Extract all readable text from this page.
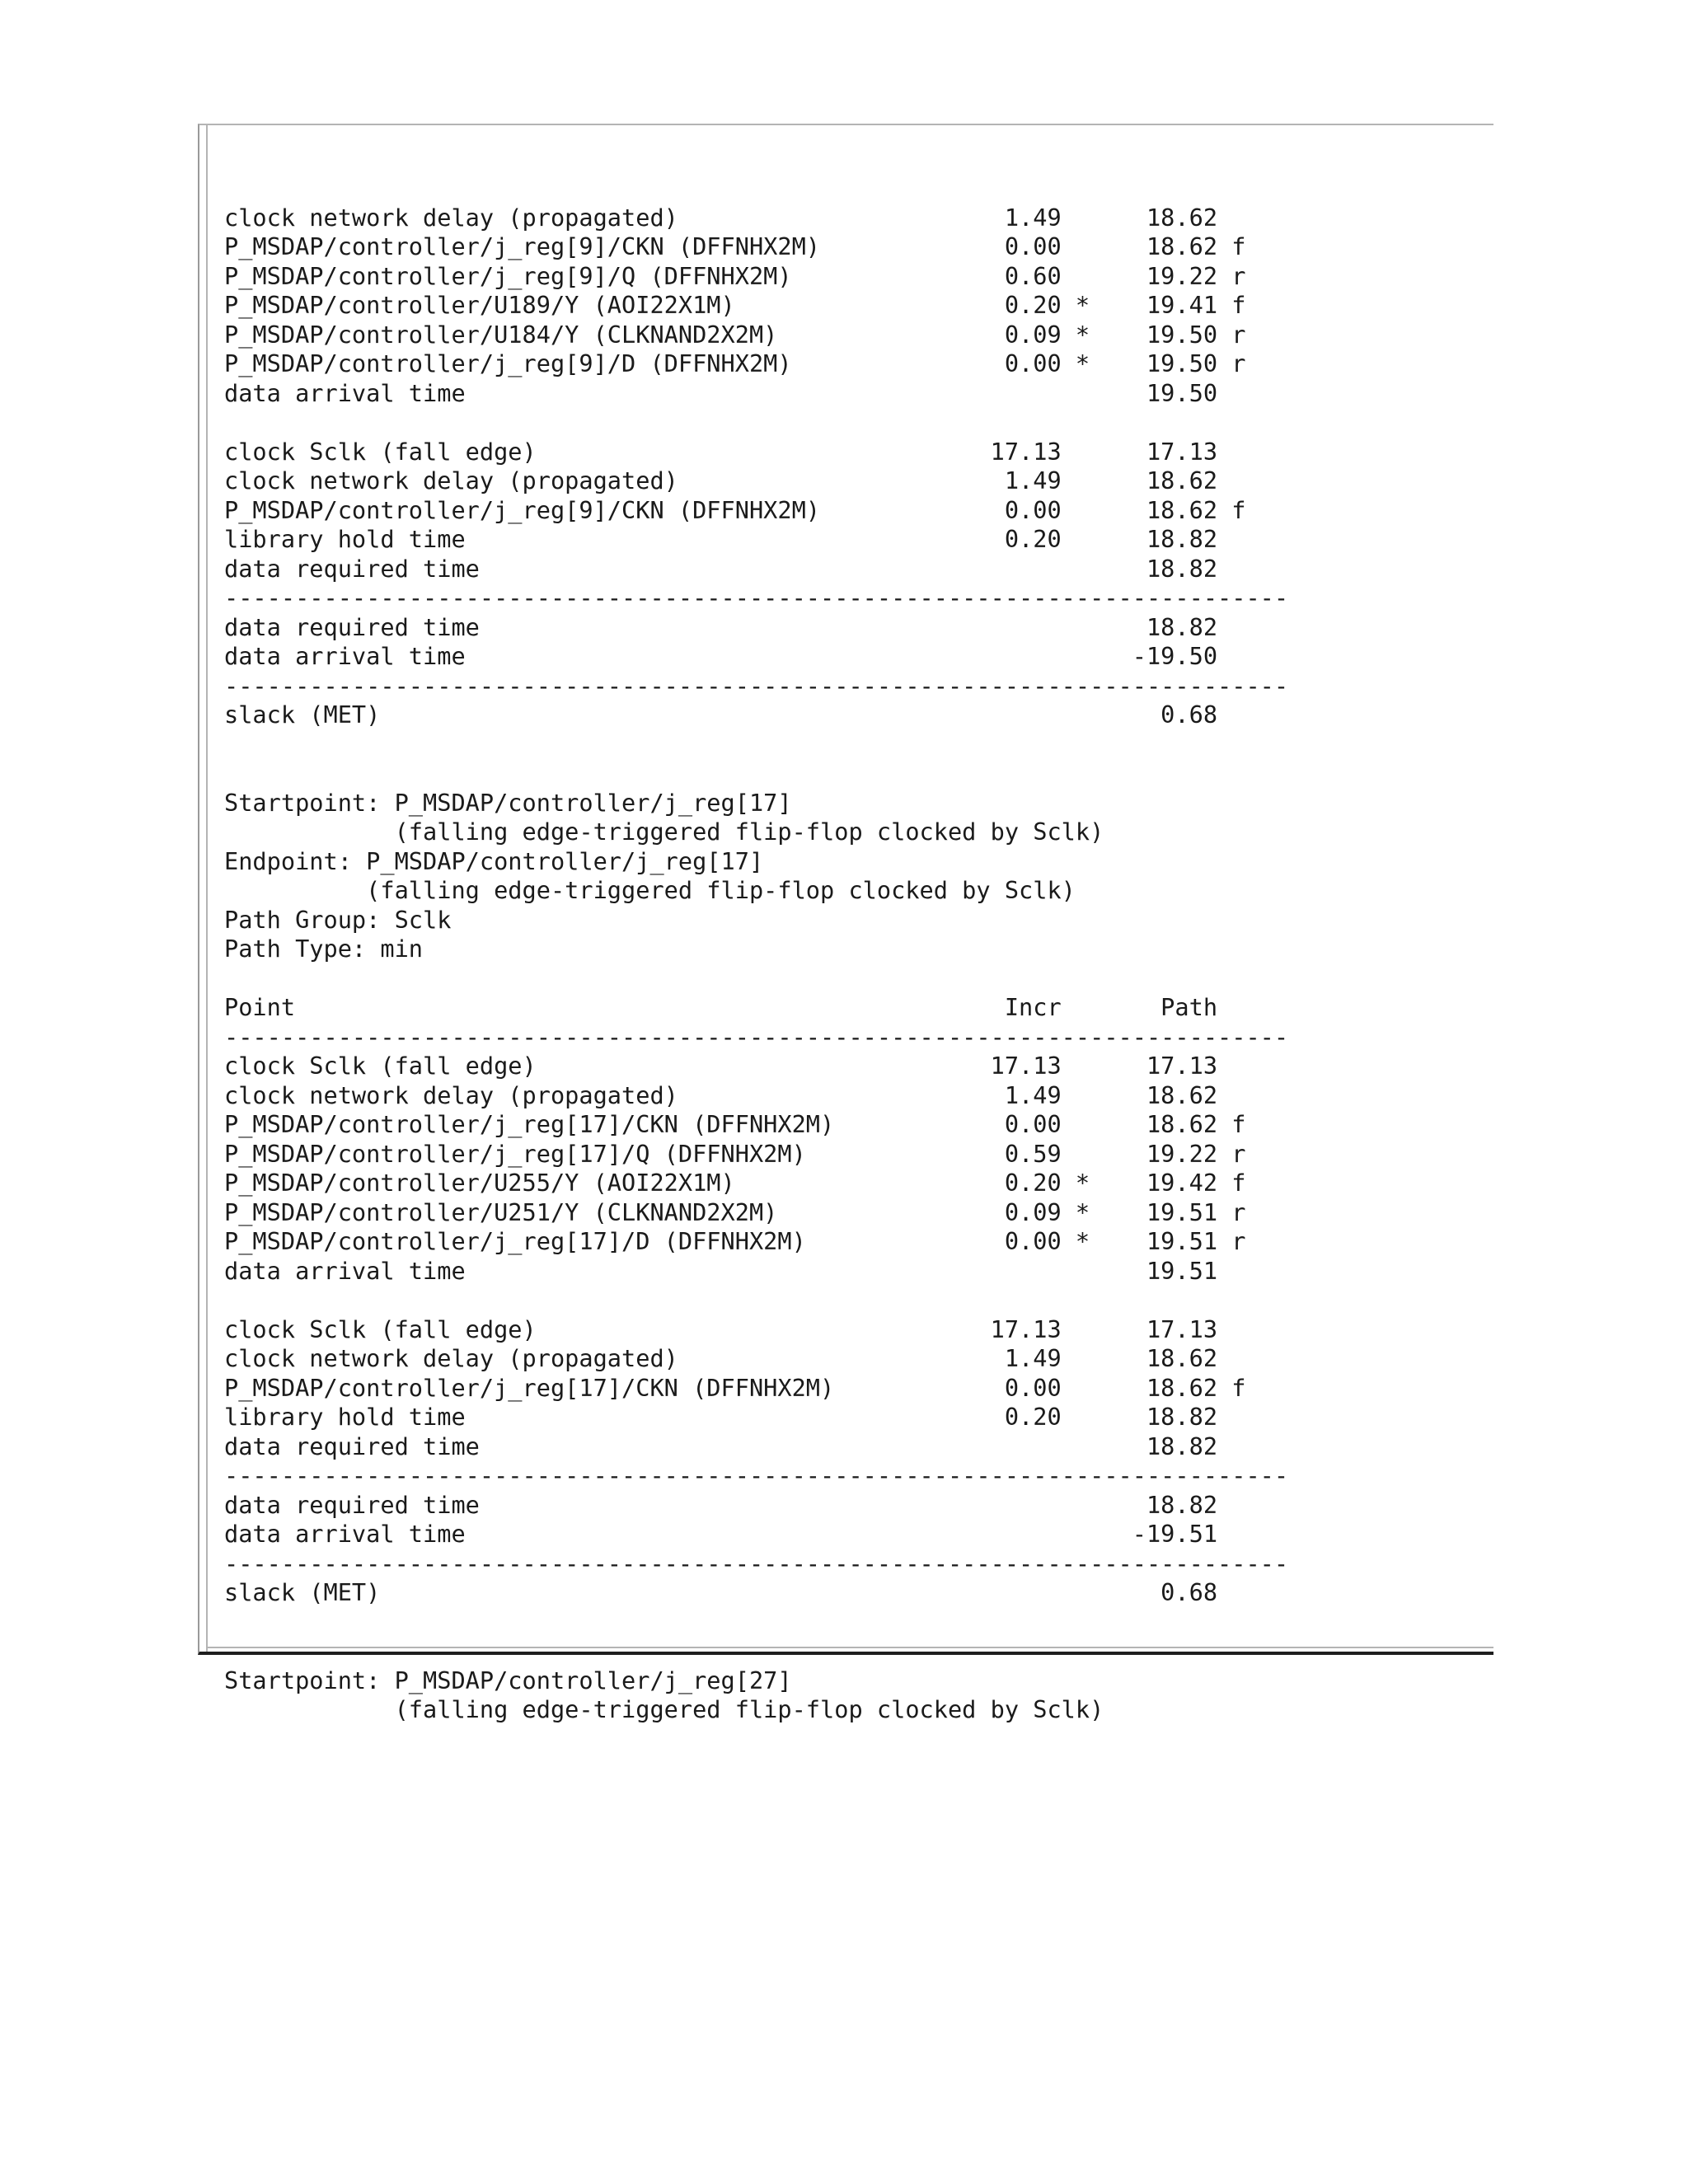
clock network delay (propagated)                       1.49      18.62
P_MSDAP/controller/j_reg[9]/CKN (DFFNHX2M)             0.00      18.62 f
P_MSDAP/controller/j_reg[9]/Q (DFFNHX2M)               0.60      19.22 r
P_MSDAP/controller/U189/Y (AOI22X1M)                   0.20 *    19.41 f
P_MSDAP/controller/U184/Y (CLKNAND2X2M)                0.09 *    19.50 r
P_MSDAP/controller/j_reg[9]/D (DFFNHX2M)               0.00 *    19.50 r
data arrival time                                                19.50
clock Sclk (fall edge)                                17.13      17.13
clock network delay (propagated)                       1.49      18.62
P_MSDAP/controller/j_reg[9]/CKN (DFFNHX2M)             0.00      18.62 f
library hold time                                      0.20      18.82
data required time                                               18.82
---------------------------------------------------------------------------
data required time                                               18.82
data arrival time                                               -19.50
---------------------------------------------------------------------------
slack (MET)                                                       0.68
Startpoint: P_MSDAP/controller/j_reg[17]
(falling edge-triggered flip-flop clocked by Sclk)
Endpoint: P_MSDAP/controller/j_reg[17]
(falling edge-triggered flip-flop clocked by Sclk)
Path Group: Sclk
Path Type: min
Point                                                  Incr       Path
---------------------------------------------------------------------------
clock Sclk (fall edge)                                17.13      17.13
clock network delay (propagated)                       1.49      18.62
P_MSDAP/controller/j_reg[17]/CKN (DFFNHX2M)            0.00      18.62 f
P_MSDAP/controller/j_reg[17]/Q (DFFNHX2M)              0.59      19.22 r
P_MSDAP/controller/U255/Y (AOI22X1M)                   0.20 *    19.42 f
P_MSDAP/controller/U251/Y (CLKNAND2X2M)                0.09 *    19.51 r
P_MSDAP/controller/j_reg[17]/D (DFFNHX2M)              0.00 *    19.51 r
data arrival time                                                19.51
clock Sclk (fall edge)                                17.13      17.13
clock network delay (propagated)                       1.49      18.62
P_MSDAP/controller/j_reg[17]/CKN (DFFNHX2M)            0.00      18.62 f
library hold time                                      0.20      18.82
data required time                                               18.82
---------------------------------------------------------------------------
data required time                                               18.82
data arrival time                                               -19.51
---------------------------------------------------------------------------
slack (MET)                                                       0.68
Startpoint: P_MSDAP/controller/j_reg[27]
(falling edge-triggered flip-flop clocked by Sclk)
